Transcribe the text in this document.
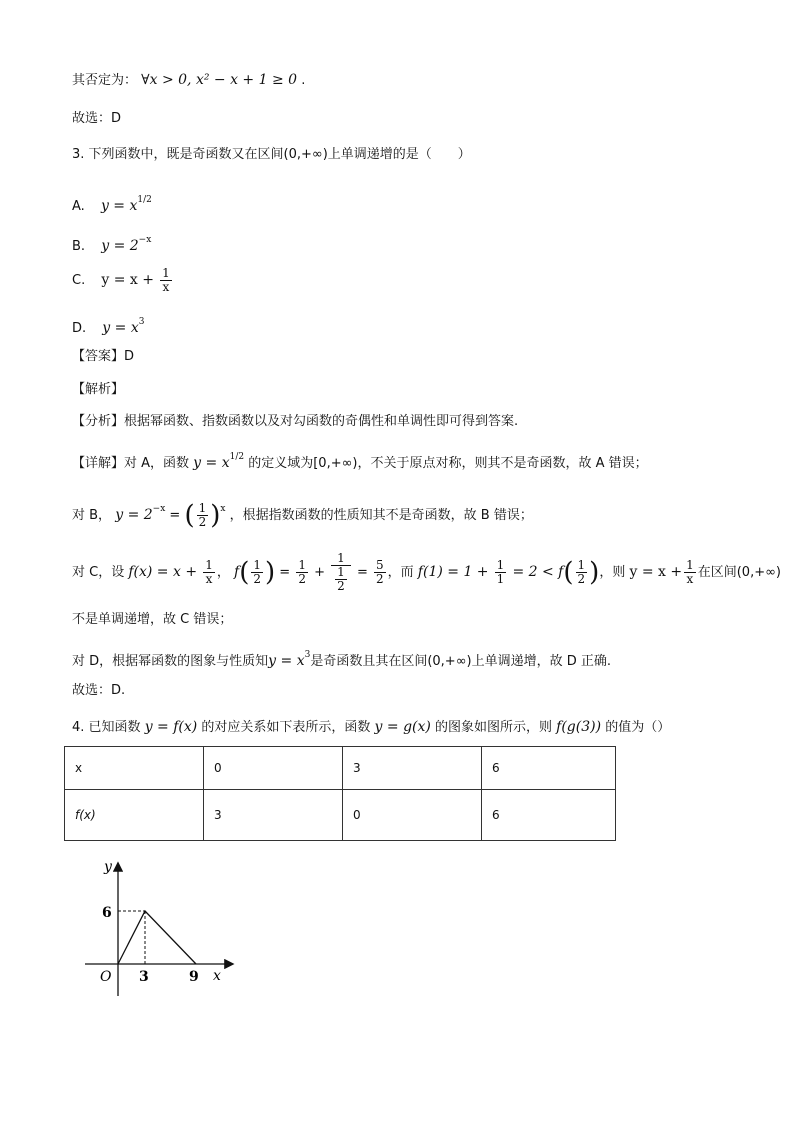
其否定为： ∀x > 0, x² − x + 1 ≥ 0 .
故选：D
3. 下列函数中，既是奇函数又在区间(0,+∞)上单调递增的是（　　）
A. $y = x^{1/2}$
B. $y = 2^{-x}$
C. $y = x + \frac{1}{x}$
D. $y = x^3$
【答案】D
【解析】
【分析】根据幂函数、指数函数以及对勾函数的奇偶性和单调性即可得到答案.
【详解】对 A，函数 $y = x^{1/2}$ 的定义域为[0,+∞)，不关于原点对称，则其不是奇函数，故 A 错误；
对 B， $y = 2^{-x}$ = ( $\frac{1}{2} )^x$ ，根据指数函数的性质知其不是奇函数，故 B 错误；
对 C，设 $f(x) = x + \frac{1}{x}$ ， $f( \frac{1}{2}$ ) = $\frac{1}{2} + \frac{1}{\frac{1}{2}} = \frac{5}{2}$ ，而 $f(1) = 1 + \frac{1}{1} = 2 < f( \frac{1}{2}$ )，则 $y = x + \frac{1}{x}$ 在区间(0,+∞)
不是单调递增，故 C 错误；
对 D，根据幂函数的图象与性质知$y = x^3$是奇函数且其在区间(0,+∞)上单调递增，故 D 正确.
故选：D.
4. 已知函数 y = f(x) 的对应关系如下表所示，函数 y = g(x) 的图象如图所示，则 f(g(3)) 的值为（）
x	0	3	6
f(x)	3	0	6
y
x
O
6
3	9
